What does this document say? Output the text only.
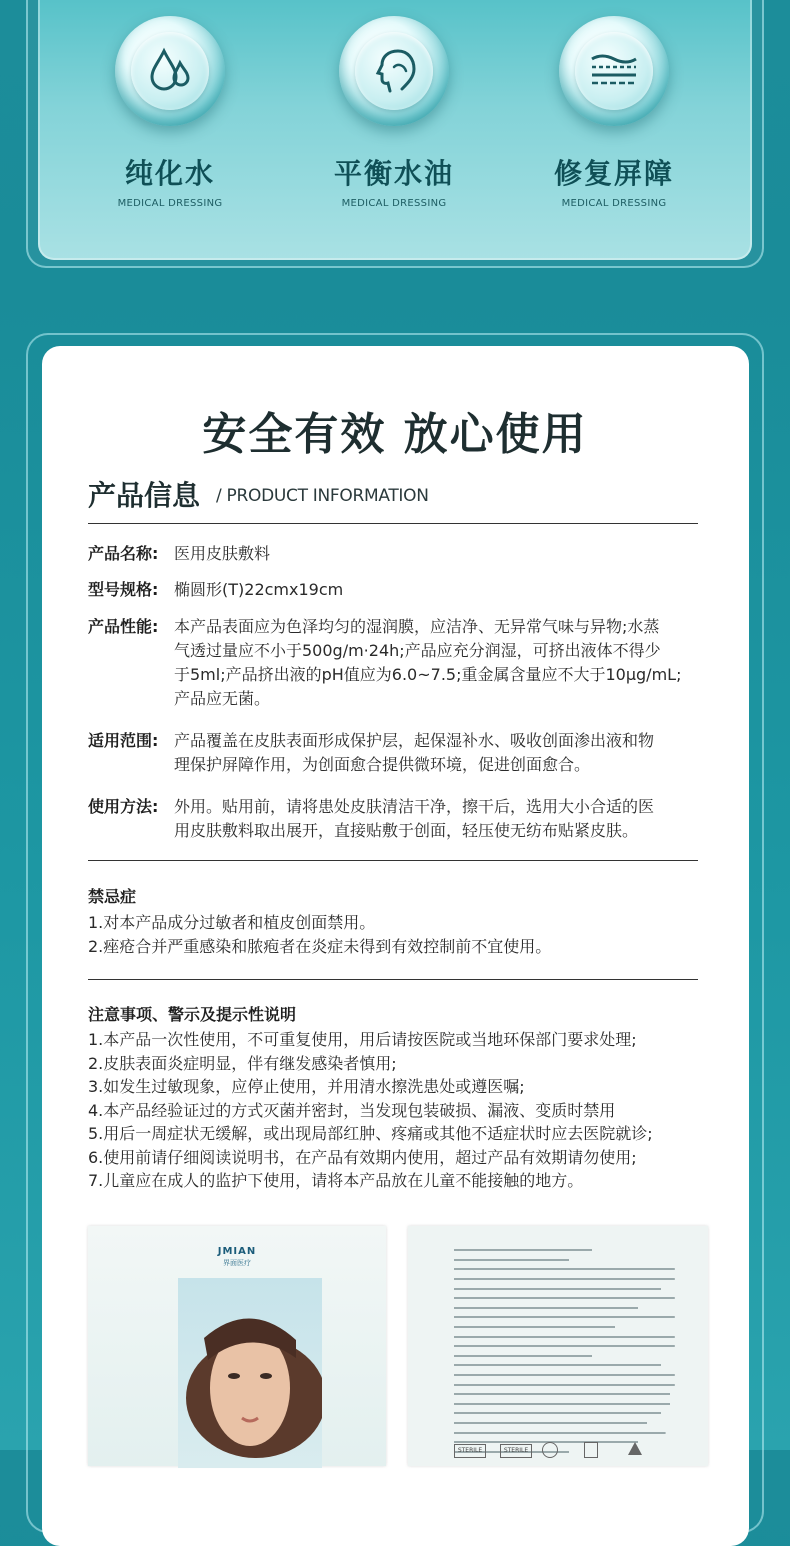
纯化水
MEDICAL DRESSING
平衡水油
MEDICAL DRESSING
修复屏障
MEDICAL DRESSING
安全有效 放心使用
产品信息 / PRODUCT INFORMATION
产品名称: 医用皮肤敷料
型号规格: 椭圆形(T)22cmx19cm
产品性能: 本产品表面应为色泽均匀的湿润膜，应洁净、无异常气味与异物;水蒸
气透过量应不小于500g/m·24h;产品应充分润湿，可挤出液体不得少
于5ml;产品挤出液的pH值应为6.0~7.5;重金属含量应不大于10μg/mL;
产品应无菌。
适用范围: 产品覆盖在皮肤表面形成保护层，起保湿补水、吸收创面渗出液和物
理保护屏障作用，为创面愈合提供微环境，促进创面愈合。
使用方法: 外用。贴用前，请将患处皮肤清洁干净，擦干后，选用大小合适的医
用皮肤敷料取出展开，直接贴敷于创面，轻压使无纺布贴紧皮肤。
禁忌症
1.对本产品成分过敏者和植皮创面禁用。
2.痤疮合并严重感染和脓疱者在炎症未得到有效控制前不宜使用。
注意事项、警示及提示性说明
1.本产品一次性使用，不可重复使用，用后请按医院或当地环保部门要求处理;
2.皮肤表面炎症明显，伴有继发感染者慎用;
3.如发生过敏现象，应停止使用，并用清水擦洗患处或遵医嘱;
4.本产品经验证过的方式灭菌并密封，当发现包装破损、漏液、变质时禁用
5.用后一周症状无缓解，或出现局部红肿、疼痛或其他不适症状时应去医院就诊;
6.使用前请仔细阅读说明书，在产品有效期内使用，超过产品有效期请勿使用;
7.儿童应在成人的监护下使用，请将本产品放在儿童不能接触的地方。
JMIAN
界面医疗
STERILE	STERILE
